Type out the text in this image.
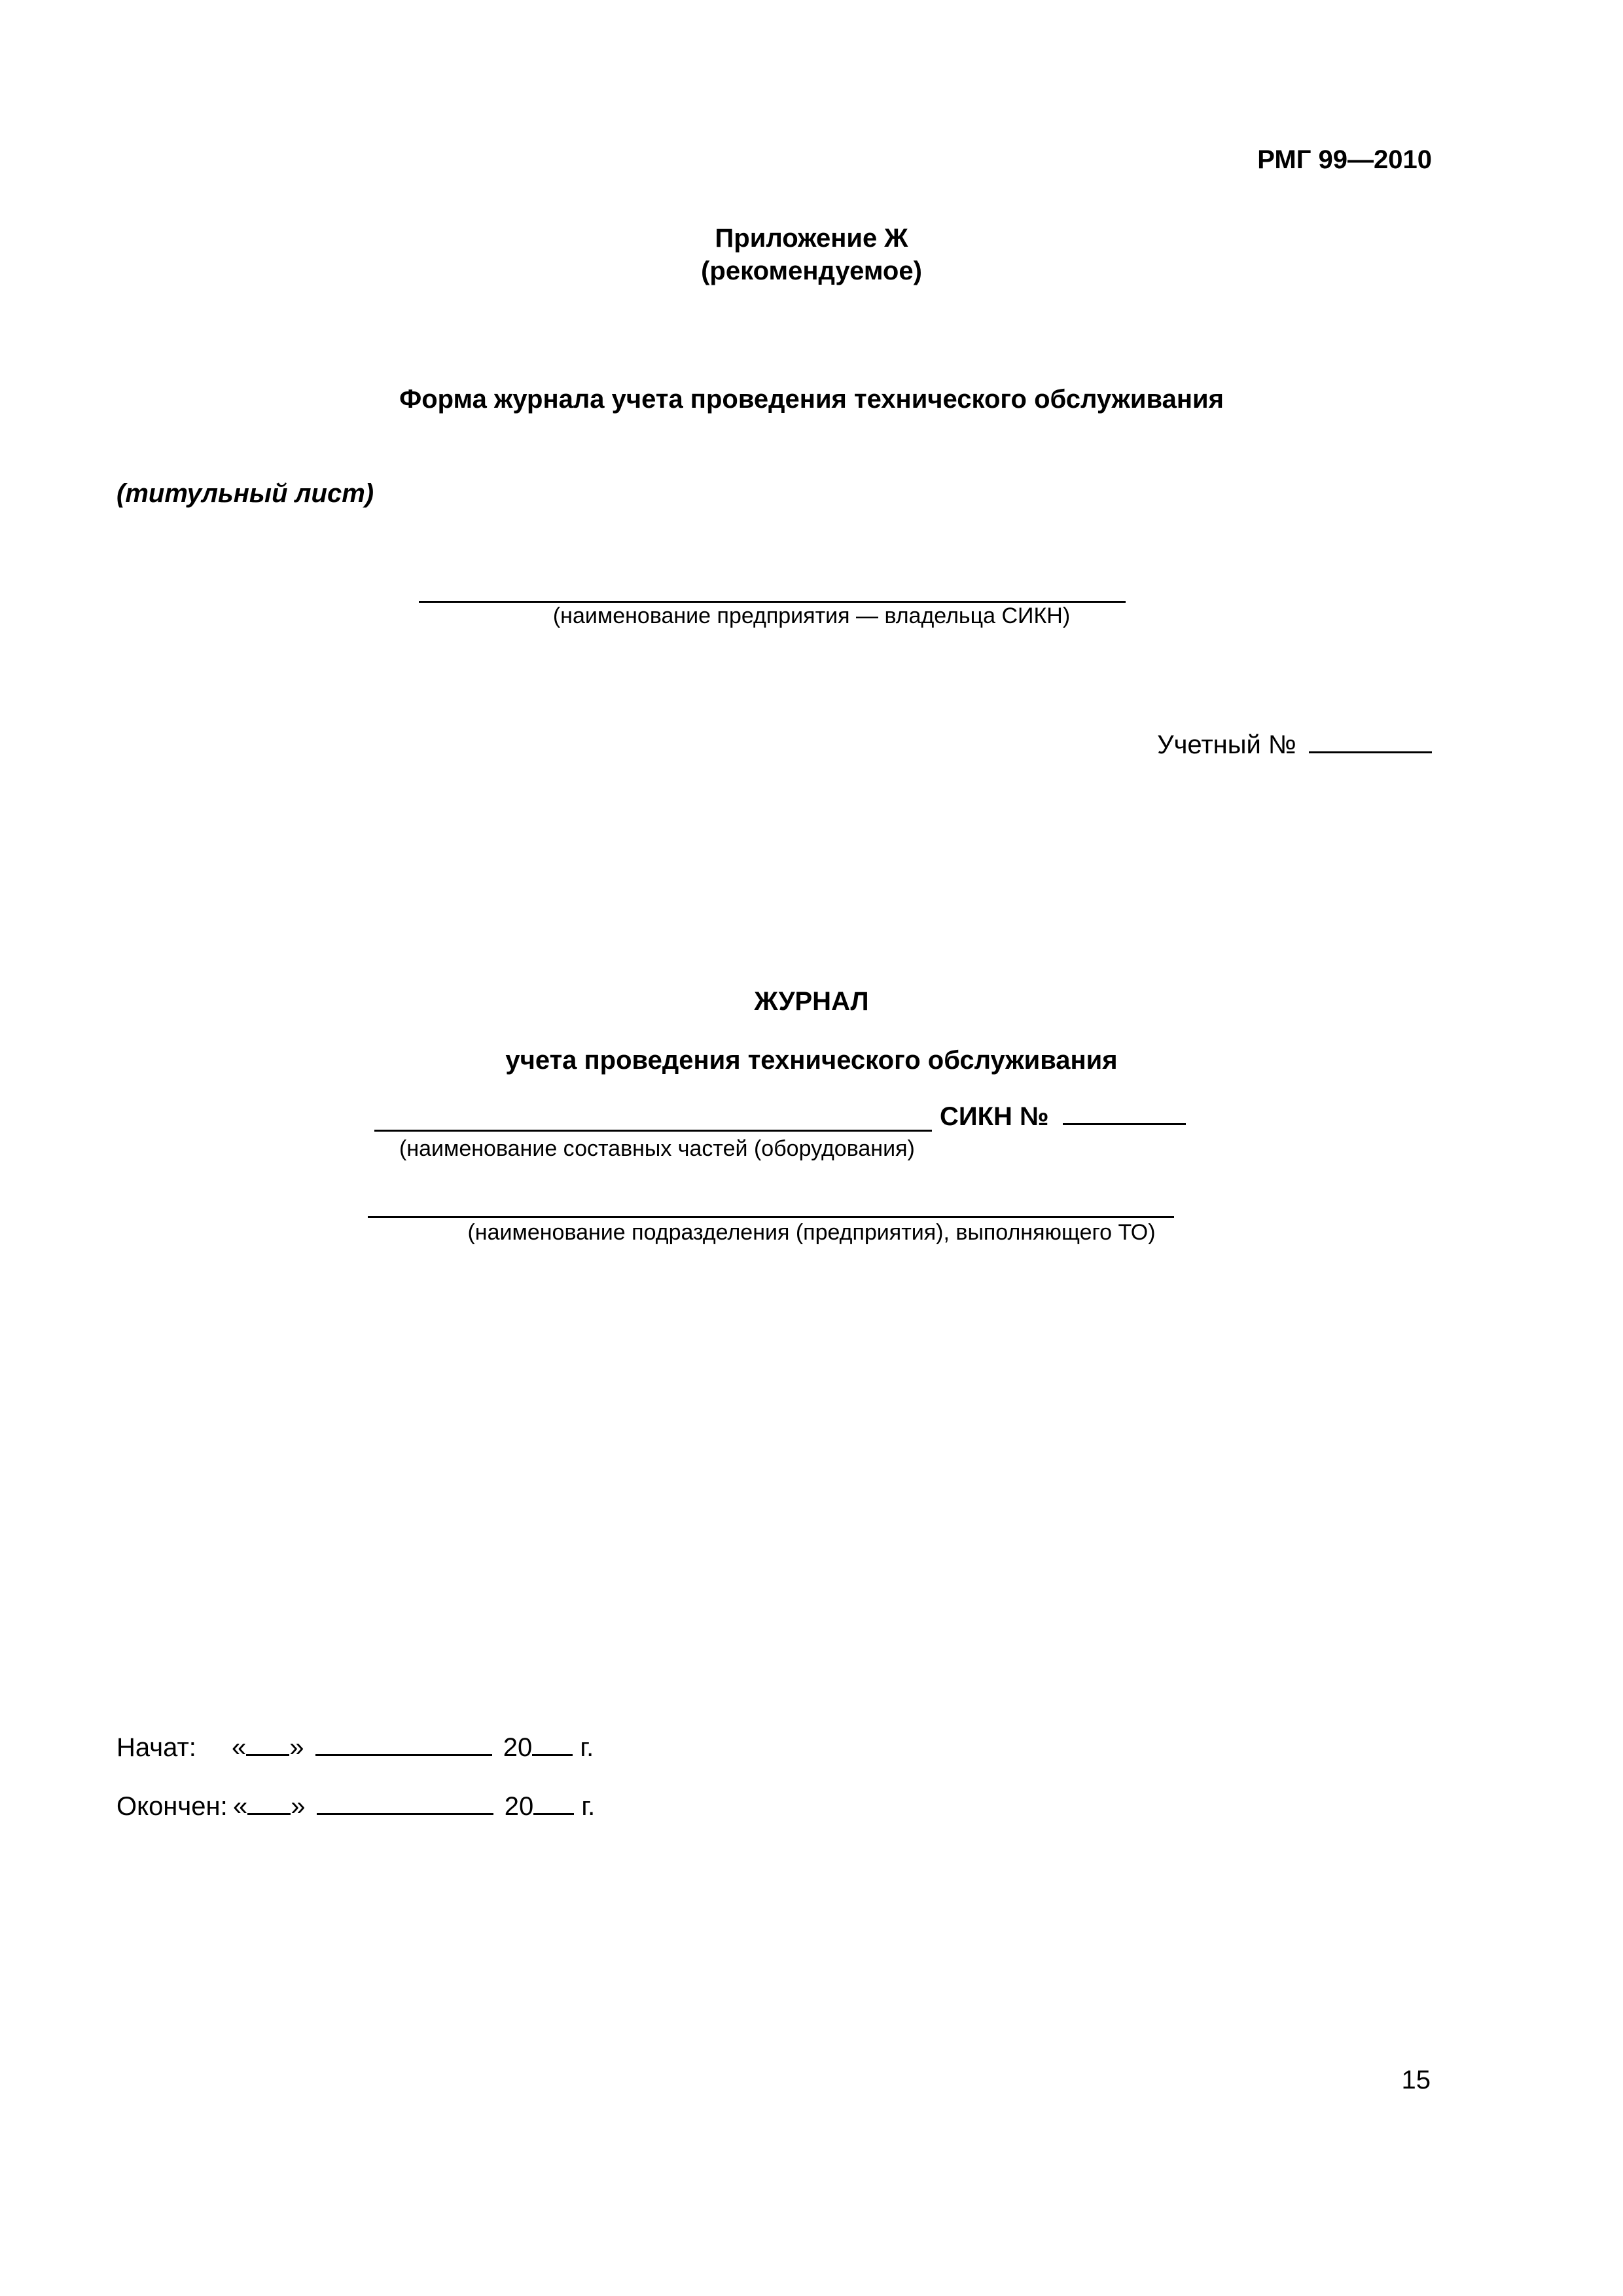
РМГ 99—2010
Приложение Ж
(рекомендуемое)
Форма журнала учета проведения технического обслуживания
(титульный лист)
(наименование предприятия — владельца СИКН)
Учетный №
ЖУРНАЛ
учета проведения технического обслуживания
СИКН №
(наименование составных частей (оборудования)
(наименование подразделения (предприятия), выполняющего ТО)
Начат: « »	20 г.
Окончен: « »	20 г.
15
